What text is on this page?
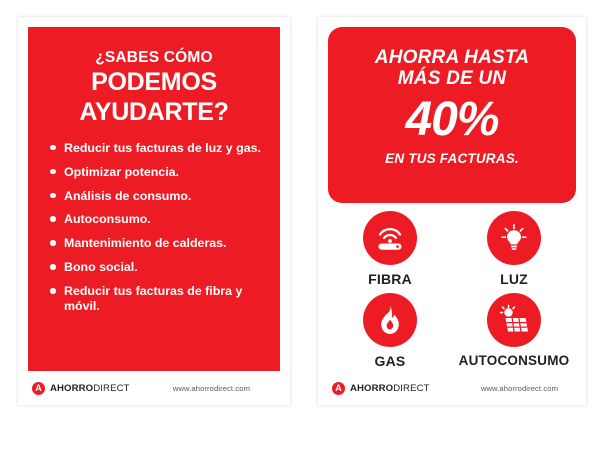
¿SABES CÓMO
PODEMOS
AYUDARTE?
Reducir tus facturas de luz y gas.
Optimizar potencia.
Análisis de consumo.
Autoconsumo.
Mantenimiento de calderas.
Bono social.
Reducir tus facturas de fibra y móvil.
A AHORRODIRECT	www.ahorrodirect.com
AHORRA HASTA
MÁS DE UN
40%
EN TUS FACTURAS.
FIBRA	LUZ
GAS	AUTOCONSUMO
A AHORRODIRECT	www.ahorrodirect.com
